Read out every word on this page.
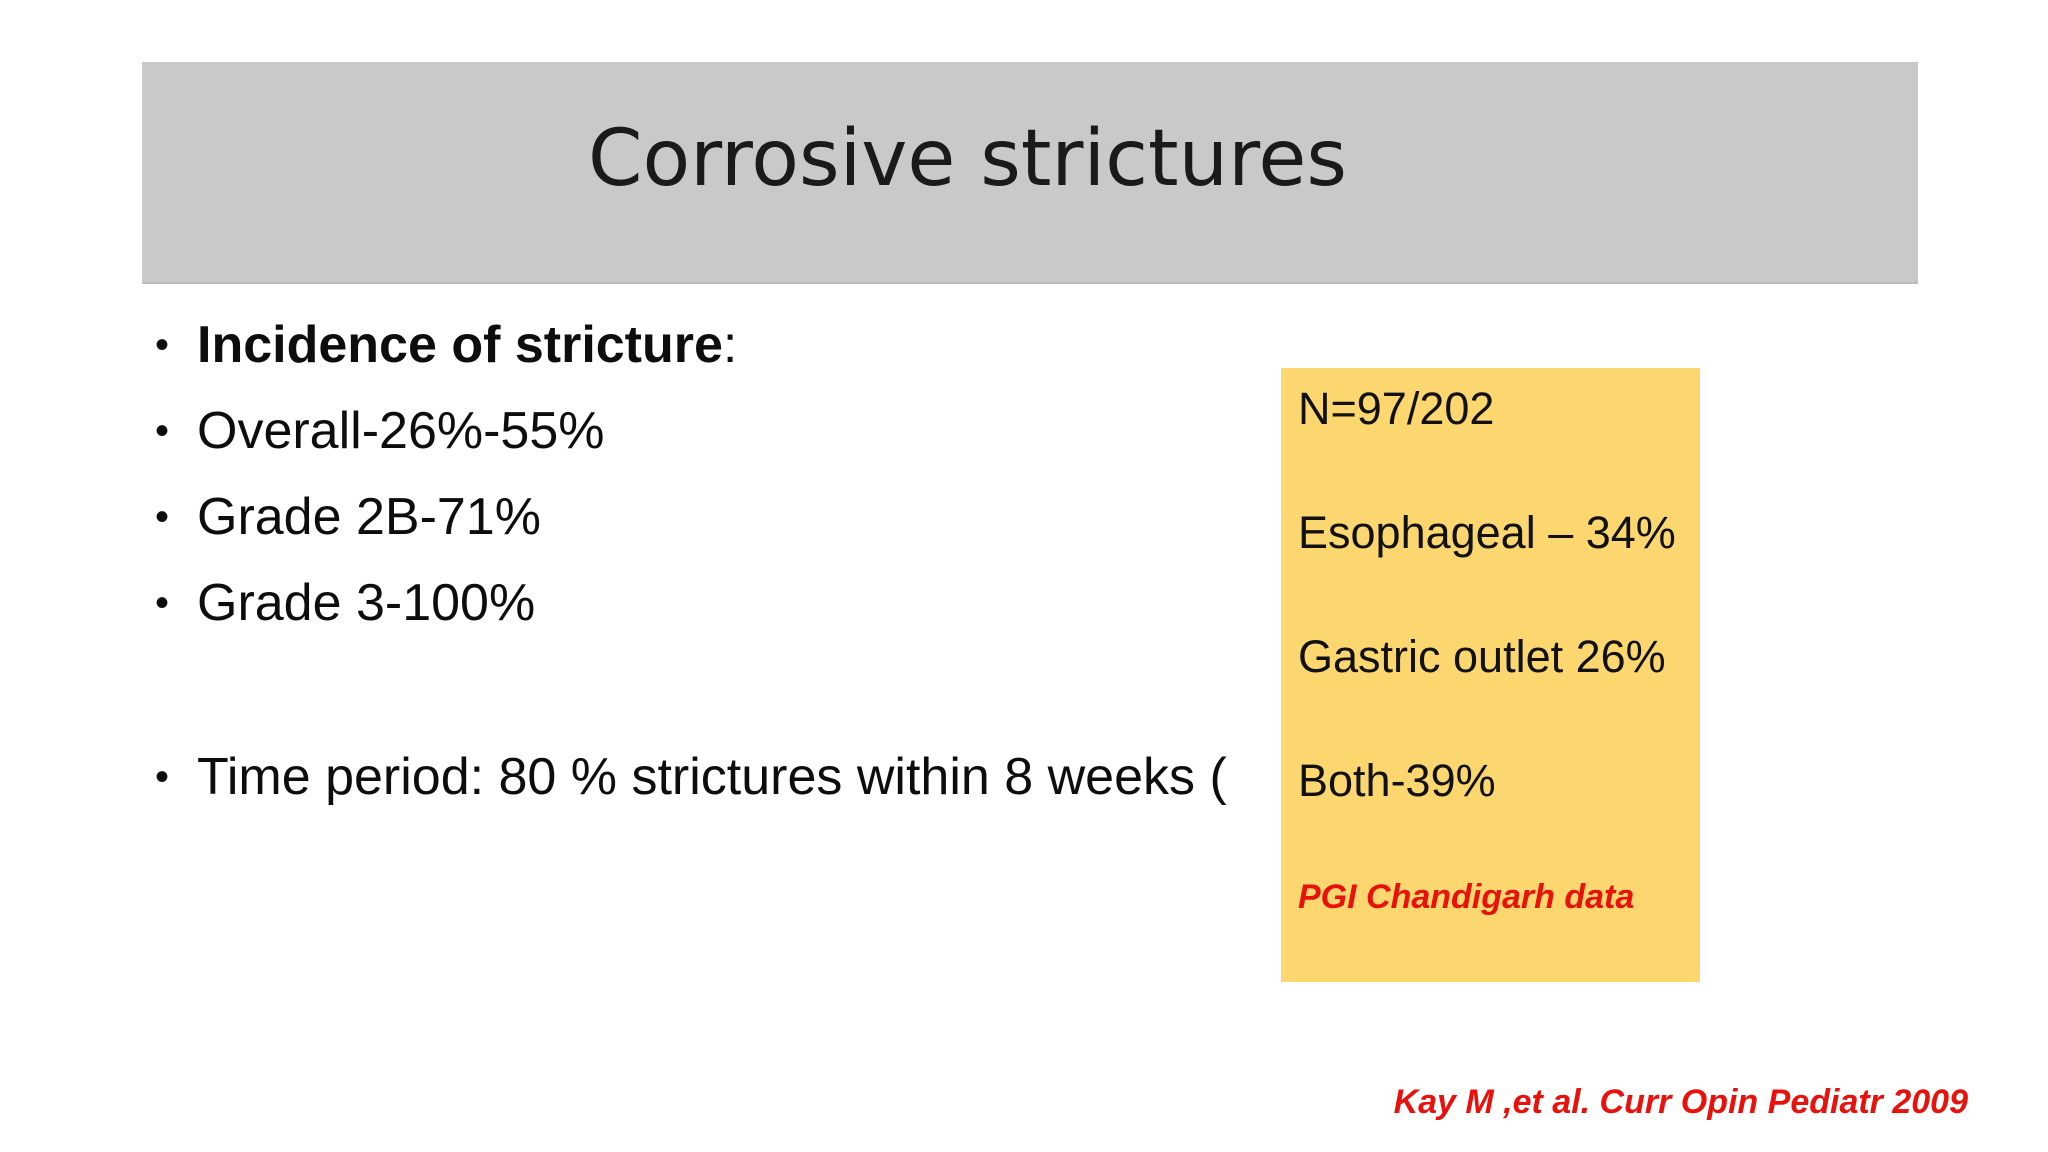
Corrosive strictures
• Incidence of stricture:
• Overall-26%-55%
• Grade 2B-71%
• Grade 3-100%
• Time period: 80 % strictures within 8 weeks (
N=97/202
Esophageal – 34%
Gastric outlet 26%
Both-39%
PGI Chandigarh data
Kay M ,et al. Curr Opin Pediatr 2009
